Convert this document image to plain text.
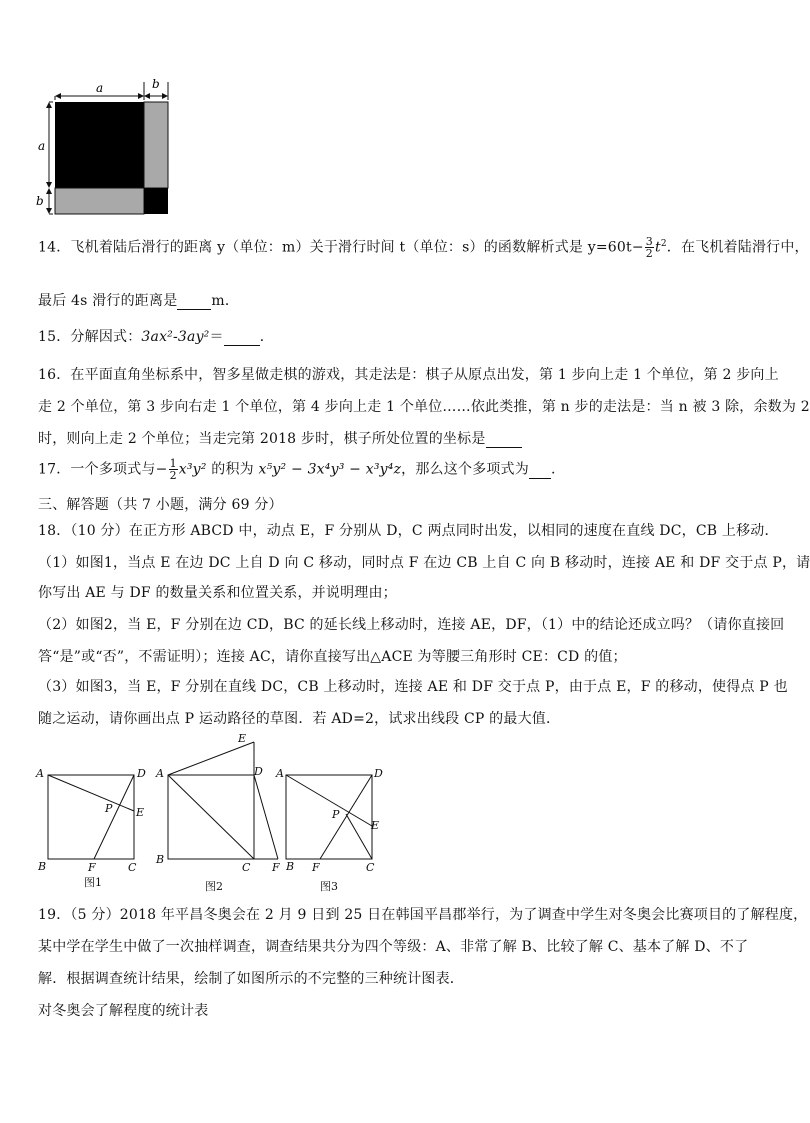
a	b
a
b
14．飞机着陆后滑行的距离 y（单位：m）关于滑行时间 t（单位：s）的函数解析式是 $y=60t- \frac{3}{2} t^2$．在飞机着陆滑行中，
最后 4s 滑行的距离是 m．
15．分解因式：3ax²-3ay²＝	．
16．在平面直角坐标系中，智多星做走棋的游戏，其走法是：棋子从原点出发，第 1 步向上走 1 个单位，第 2 步向上
走 2 个单位，第 3 步向右走 1 个单位，第 4 步向上走 1 个单位……依此类推，第 n 步的走法是：当 n 被 3 除，余数为 2
时，则向上走 2 个单位；当走完第 2018 步时，棋子所处位置的坐标是
17．一个多项式与− $\frac{1}{2} x^3y^2$ 的积为 x⁵y² − 3x⁴y³ − x³y⁴z，那么这个多项式为 .
三、解答题（共 7 小题，满分 69 分）
18．（10 分）在正方形 ABCD 中，动点 E，F 分别从 D，C 两点同时出发，以相同的速度在直线 DC，CB 上移动．
（1）如图1，当点 E 在边 DC 上自 D 向 C 移动，同时点 F 在边 CB 上自 C 向 B 移动时，连接 AE 和 DF 交于点 P，请
你写出 AE 与 DF 的数量关系和位置关系，并说明理由；
（2）如图2，当 E，F 分别在边 CD，BC 的延长线上移动时，连接 AE，DF，（1）中的结论还成立吗？（请你直接回
答“是”或“否”，不需证明）；连接 AC，请你直接写出△ACE 为等腰三角形时 CE：CD 的值；
（3）如图3，当 E，F 分别在直线 DC，CB 上移动时，连接 AE 和 DF 交于点 P，由于点 E，F 的移动，使得点 P 也
随之运动，请你画出点 P 运动路径的草图．若 AD=2，试求出线段 CP 的最大值．
A	D
E
P
B	F	C
A
E
D
B
C F
A	D
P
E
B F	C
图1	图2	图3
19．（5 分）2018 年平昌冬奥会在 2 月 9 日到 25 日在韩国平昌郡举行，为了调查中学生对冬奥会比赛项目的了解程度，
某中学在学生中做了一次抽样调查，调查结果共分为四个等级：A、非常了解 B、比较了解 C、基本了解 D、不了
解．根据调查统计结果，绘制了如图所示的不完整的三种统计图表．
对冬奥会了解程度的统计表
